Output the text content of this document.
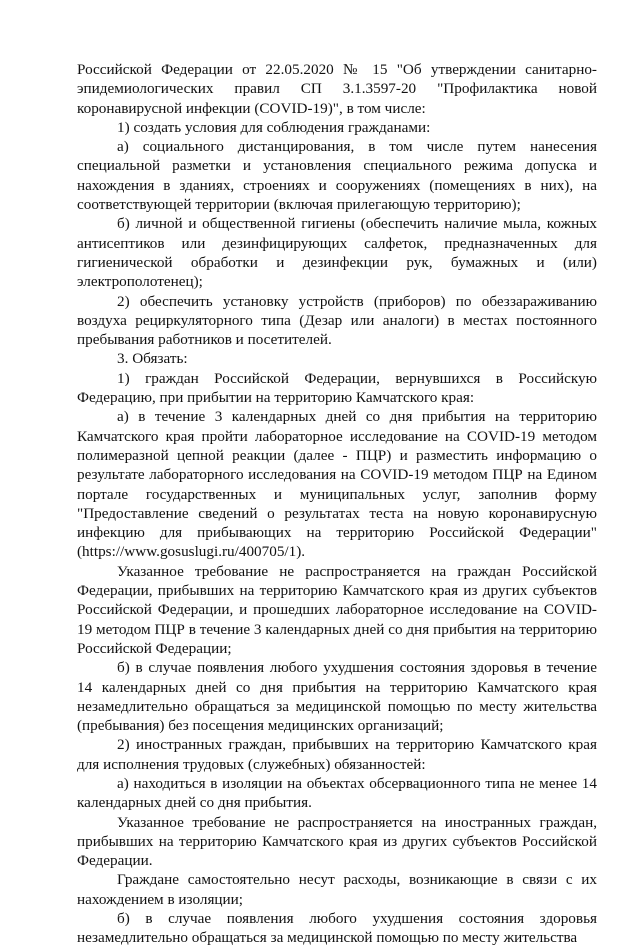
Российской Федерации от 22.05.2020 № 15 "Об утверждении санитарно-эпидемиологических правил СП 3.1.3597-20 "Профилактика новой коронавирусной инфекции (COVID-19)", в том числе:

1) создать условия для соблюдения гражданами:

а) социального дистанцирования, в том числе путем нанесения специальной разметки и установления специального режима допуска и нахождения в зданиях, строениях и сооружениях (помещениях в них), на соответствующей территории (включая прилегающую территорию);

б) личной и общественной гигиены (обеспечить наличие мыла, кожных антисептиков или дезинфицирующих салфеток, предназначенных для гигиенической обработки и дезинфекции рук, бумажных и (или) электрополотенец);

2) обеспечить установку устройств (приборов) по обеззараживанию воздуха рециркуляторного типа (Дезар или аналоги) в местах постоянного пребывания работников и посетителей.

3. Обязать:

1) граждан Российской Федерации, вернувшихся в Российскую Федерацию, при прибытии на территорию Камчатского края:

а) в течение 3 календарных дней со дня прибытия на территорию Камчатского края пройти лабораторное исследование на COVID-19 методом полимеразной цепной реакции (далее - ПЦР) и разместить информацию о результате лабораторного исследования на COVID-19 методом ПЦР на Едином портале государственных и муниципальных услуг, заполнив форму "Предоставление сведений о результатах теста на новую коронавирусную инфекцию для прибывающих на территорию Российской Федерации" (https://www.gosuslugi.ru/400705/1).

Указанное требование не распространяется на граждан Российской Федерации, прибывших на территорию Камчатского края из других субъектов Российской Федерации, и прошедших лабораторное исследование на COVID-19 методом ПЦР в течение 3 календарных дней со дня прибытия на территорию Российской Федерации;

б) в случае появления любого ухудшения состояния здоровья в течение 14 календарных дней со дня прибытия на территорию Камчатского края незамедлительно обращаться за медицинской помощью по месту жительства (пребывания) без посещения медицинских организаций;

2) иностранных граждан, прибывших на территорию Камчатского края для исполнения трудовых (служебных) обязанностей:

а) находиться в изоляции на объектах обсервационного типа не менее 14 календарных дней со дня прибытия.

Указанное требование не распространяется на иностранных граждан, прибывших на территорию Камчатского края из других субъектов Российской Федерации.

Граждане самостоятельно несут расходы, возникающие в связи с их нахождением в изоляции;

б) в случае появления любого ухудшения состояния здоровья незамедлительно обращаться за медицинской помощью по месту жительства
